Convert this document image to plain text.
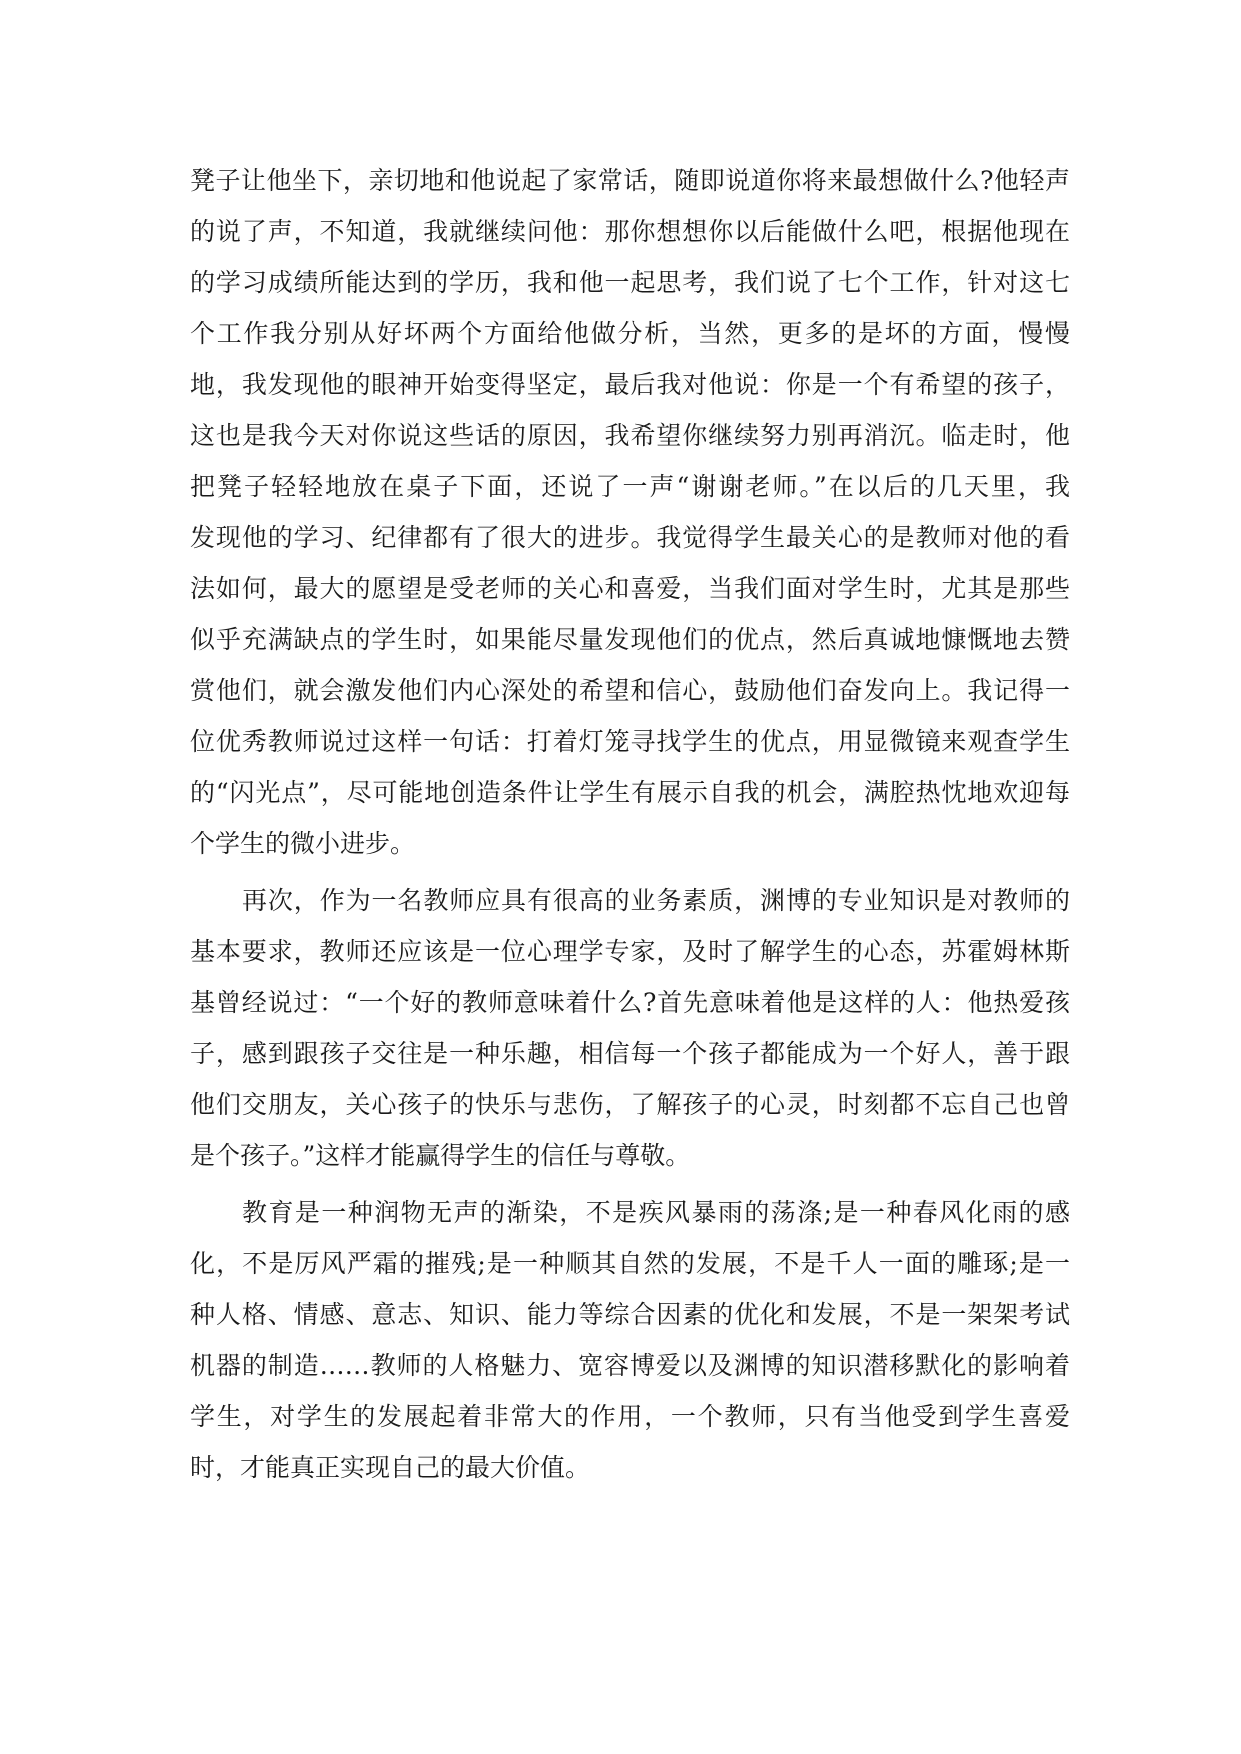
凳子让他坐下，亲切地和他说起了家常话，随即说道你将来最想做什么?他轻声
的说了声，不知道，我就继续问他：那你想想你以后能做什么吧，根据他现在
的学习成绩所能达到的学历，我和他一起思考，我们说了七个工作，针对这七
个工作我分别从好坏两个方面给他做分析，当然，更多的是坏的方面，慢慢
地，我发现他的眼神开始变得坚定，最后我对他说：你是一个有希望的孩子，
这也是我今天对你说这些话的原因，我希望你继续努力别再消沉。临走时，他
把凳子轻轻地放在桌子下面，还说了一声“谢谢老师。”在以后的几天里，我
发现他的学习、纪律都有了很大的进步。我觉得学生最关心的是教师对他的看
法如何，最大的愿望是受老师的关心和喜爱，当我们面对学生时，尤其是那些
似乎充满缺点的学生时，如果能尽量发现他们的优点，然后真诚地慷慨地去赞
赏他们，就会激发他们内心深处的希望和信心，鼓励他们奋发向上。我记得一
位优秀教师说过这样一句话：打着灯笼寻找学生的优点，用显微镜来观查学生
的“闪光点”，尽可能地创造条件让学生有展示自我的机会，满腔热忱地欢迎每
个学生的微小进步。
再次，作为一名教师应具有很高的业务素质，渊博的专业知识是对教师的
基本要求，教师还应该是一位心理学专家，及时了解学生的心态，苏霍姆林斯
基曾经说过：“一个好的教师意味着什么?首先意味着他是这样的人：他热爱孩
子，感到跟孩子交往是一种乐趣，相信每一个孩子都能成为一个好人，善于跟
他们交朋友，关心孩子的快乐与悲伤，了解孩子的心灵，时刻都不忘自己也曾
是个孩子。”这样才能赢得学生的信任与尊敬。
教育是一种润物无声的渐染，不是疾风暴雨的荡涤;是一种春风化雨的感
化，不是厉风严霜的摧残;是一种顺其自然的发展，不是千人一面的雕琢;是一
种人格、情感、意志、知识、能力等综合因素的优化和发展，不是一架架考试
机器的制造……教师的人格魅力、宽容博爱以及渊博的知识潜移默化的影响着
学生，对学生的发展起着非常大的作用，一个教师，只有当他受到学生喜爱
时，才能真正实现自己的最大价值。
